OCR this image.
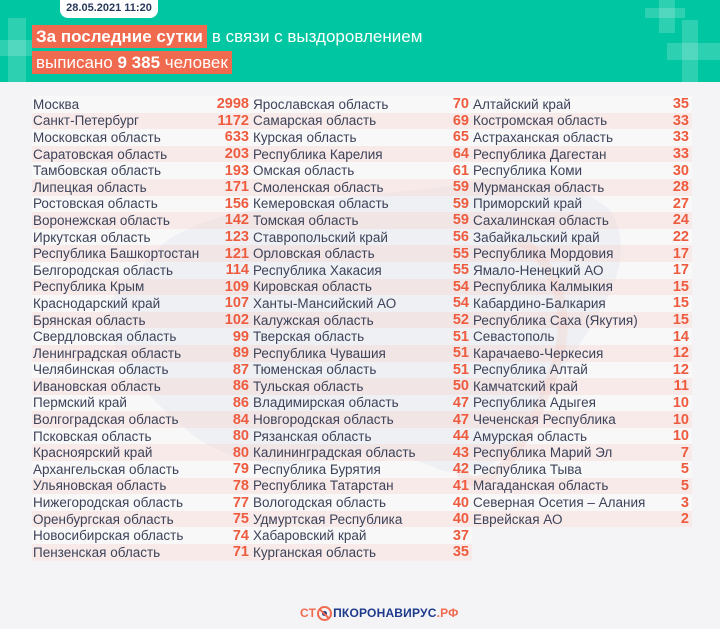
28.05.2021 11:20
За последние сутки в связи с выздоровлением
выписано 9 385 человек
Москва	2998
Санкт-Петербург	1172
Московская область	633
Саратовская область	203
Тамбовская область	193
Липецкая область	171
Ростовская область	156
Воронежская область	142
Иркутская область	123
Республика Башкортостан 121
Белгородская область	114
Республика Крым	109
Краснодарский край	107
Брянская область	102
Свердловская область	99
Ленинградская область	89
Челябинская область	87
Ивановская область	86
Пермский край	86
Волгоградская область	84
Псковская область	80
Красноярский край	80
Архангельская область	79
Ульяновская область	78
Нижегородская область	77
Оренбургская область	75
Новосибирская область	74
Пензенская область	71
Ярославская область	70
Самарская область	69
Курская область	65
Республика Карелия	64
Омская область	61
Смоленская область	59
Кемеровская область	59
Томская область	59
Ставропольский край	56
Орловская область	55
Республика Хакасия	55
Кировская область	54
Ханты-Мансийский АО	54
Калужская область	52
Тверская область	51
Республика Чувашия	51
Тюменская область	51
Тульская область	50
Владимирская область	47
Новгородская область	47
Рязанская область	44
Калининградская область	43
Республика Бурятия	42
Республика Татарстан	41
Вологодская область	40
Удмуртская Республика	40
Хабаровский край	37
Курганская область	35
Алтайский край	35
Костромская область	33
Астраханская область	33
Республика Дагестан	33
Республика Коми	30
Мурманская область	28
Приморский край	27
Сахалинская область	24
Забайкальский край	22
Республика Мордовия	17
Ямало-Ненецкий АО	17
Республика Калмыкия	15
Кабардино-Балкария	15
Республика Саха (Якутия) 15
Севастополь	14
Карачаево-Черкесия	12
Республика Алтай	12
Камчатский край	11
Республика Адыгея	10
Чеченская Республика	10
Амурская область	10
Республика Марий Эл	7
Республика Тыва	5
Магаданская область	5
Северная Осетия – Алания 3
Еврейская АО	2
СТ ПКОРОНАВИРУС .РФ
